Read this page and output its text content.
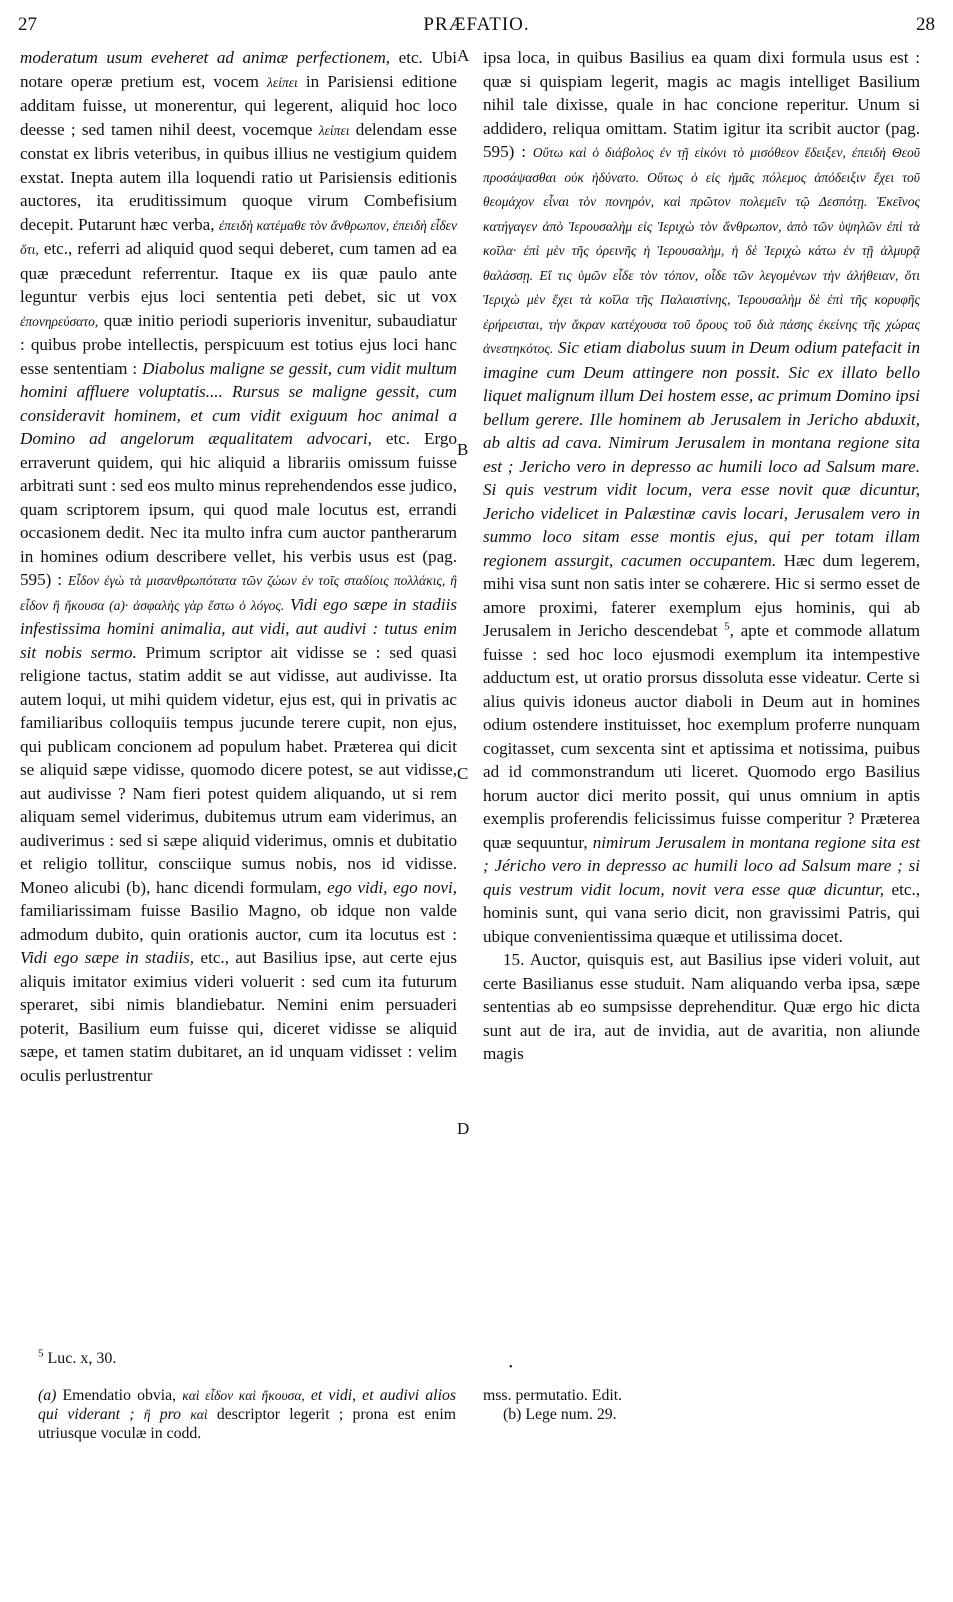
27	PRÆFATIO.	28

moderatum usum eveheret ad animæ perfectionem, etc. Ubi notare operæ pretium est, vocem λείπει in Parisiensi editione additam fuisse, ut monerentur, qui legerent, aliquid hoc loco deesse ; sed tamen nihil deest, vocemque λείπει delendam esse constat ex libris veteribus, in quibus illius ne vestigium quidem exstat. Inepta autem illa loquendi ratio ut Parisiensis editionis auctores, ita eruditissimum quoque virum Combefisium decepit. Putarunt hæc verba, ἐπειδὴ κατέμαθε τὸν ἄνθρωπον, ἐπειδὴ εἶδεν ὅτι, etc., referri ad aliquid quod sequi deberet, cum tamen ad ea quæ præcedunt referrentur. Itaque ex iis quæ paulo ante leguntur verbis ejus loci sententia peti debet, sic ut vox ἐπονηρεύσατο, quæ initio periodi superioris invenitur, subaudiatur : quibus probe intellectis, perspicuum est totius ejus loci hanc esse sententiam : Diabolus maligne se gessit, cum vidit multum homini affluere voluptatis.... Rursus se maligne gessit, cum consideravit hominem, et cum vidit exiguum hoc animal a Domino ad angelorum æqualitatem advocari, etc. Ergo erraverunt quidem, qui hic aliquid a librariis omissum fuisse arbitrati sunt : sed eos multo minus reprehendendos esse judico, quam scriptorem ipsum, qui quod male locutus est, errandi occasionem dedit. Nec ita multo infra cum auctor pantherarum in homines odium describere vellet, his verbis usus est (pag. 595) : Εἶδον ἐγὼ τὰ μισανθρωπότατα τῶν ζώων ἐν τοῖς σταδίοις πολλάκις, ἢ εἶδον ἢ ἤκουσα (a)· ἀσφαλὴς γὰρ ἔστω ὁ λόγος. Vidi ego sæpe in stadiis infestissima homini animalia, aut vidi, aut audivi : tutus enim sit nobis sermo. Primum scriptor ait vidisse se : sed quasi religione tactus, statim addit se aut vidisse, aut audivisse. Ita autem loqui, ut mihi quidem videtur, ejus est, qui in privatis ac familiaribus colloquiis tempus jucunde terere cupit, non ejus, qui publicam concionem ad populum habet. Præterea qui dicit se aliquid sæpe vidisse, quomodo dicere potest, se aut vidisse, aut audivisse ? Nam fieri potest quidem aliquando, ut si rem aliquam semel viderimus, dubitemus utrum eam viderimus, an audiverimus : sed si sæpe aliquid viderimus, omnis et dubitatio et religio tollitur, consciique sumus nobis, nos id vidisse. Moneo alicubi (b), hanc dicendi formulam, ego vidi, ego novi, familiarissimam fuisse Basilio Magno, ob idque non valde admodum dubito, quin orationis auctor, cum ita locutus est : Vidi ego sæpe in stadiis, etc., aut Basilius ipse, aut certe ejus aliquis imitator eximius videri voluerit : sed cum ita futurum speraret, sibi nimis blandiebatur. Nemini enim persuaderi poterit, Basilium eum fuisse qui, diceret vidisse se aliquid sæpe, et tamen statim dubitaret, an id unquam vidisset : velim oculis perlustrentur

A
B
C
D

ipsa loca, in quibus Basilius ea quam dixi formula usus est : quæ si quispiam legerit, magis ac magis intelliget Basilium nihil tale dixisse, quale in hac concione reperitur. Unum si addidero, reliqua omittam. Statim igitur ita scribit auctor (pag. 595) : Οὕτω καὶ ὁ διάβολος ἐν τῇ εἰκόνι τὸ μισόθεον ἔδειξεν, ἐπειδὴ Θεοῦ προσάψασθαι οὐκ ἠδύνατο. Οὕτως ὁ εἰς ἡμᾶς πόλεμος ἀπόδειξιν ἔχει τοῦ θεομάχον εἶναι τὸν πονηρόν, καὶ πρῶτον πολεμεῖν τῷ Δεσπότῃ. Ἐκεῖνος κατήγαγεν ἀπὸ Ἱερουσαλὴμ εἰς Ἱεριχὼ τὸν ἄνθρωπον, ἀπὸ τῶν ὑψηλῶν ἐπὶ τὰ κοῖλα· ἐπὶ μὲν τῆς ὀρεινῆς ἡ Ἱερουσαλὴμ, ἡ δὲ Ἱεριχὼ κάτω ἐν τῇ ἁλμυρᾷ θαλάσσῃ. Εἴ τις ὑμῶν εἶδε τὸν τόπον, οἶδε τῶν λεγομένων τὴν ἀλήθειαν, ὅτι Ἱεριχὼ μὲν ἔχει τὰ κοῖλα τῆς Παλαιστίνης, Ἱερουσαλὴμ δὲ ἐπὶ τῆς κορυφῆς ἐρήρεισται, τὴν ἄκραν κατέχουσα τοῦ ὄρους τοῦ διὰ πάσης ἐκείνης τῆς χώρας ἀνεστηκότος. Sic etiam diabolus suum in Deum odium patefacit in imagine cum Deum attingere non possit. Sic ex illato bello liquet malignum illum Dei hostem esse, ac primum Domino ipsi bellum gerere. Ille hominem ab Jerusalem in Jericho abduxit, ab altis ad cava. Nimirum Jerusalem in montana regione sita est ; Jericho vero in depresso ac humili loco ad Salsum mare. Si quis vestrum vidit locum, vera esse novit quæ dicuntur, Jericho videlicet in Palæstinæ cavis locari, Jerusalem vero in summo loco sitam esse montis ejus, qui per totam illam regionem assurgit, cacumen occupantem. Hæc dum legerem, mihi visa sunt non satis inter se cohærere. Hic si sermo esset de amore proximi, faterer exemplum ejus hominis, qui ab Jerusalem in Jericho descendebat $^5$, apte et commode allatum fuisse : sed hoc loco ejusmodi exemplum ita intempestive adductum est, ut oratio prorsus dissoluta esse videatur. Certe si alius quivis idoneus auctor diaboli in Deum aut in homines odium ostendere instituisset, hoc exemplum proferre nunquam cogitasset, cum sexcenta sint et aptissima et notissima, puibus ad id commonstrandum uti liceret. Quomodo ergo Basilius horum auctor dici merito possit, qui unus omnium in aptis exemplis proferendis felicissimus fuisse comperitur ? Præterea quæ sequuntur, nimirum Jerusalem in montana regione sita est ; Jéricho vero in depresso ac humili loco ad Salsum mare ; si quis vestrum vidit locum, novit vera esse quæ dicuntur, etc., hominis sunt, qui vana serio dicit, non gravissimi Patris, qui ubique convenientissima quæque et utilissima docet.

15. Auctor, quisquis est, aut Basilius ipse videri voluit, aut certe Basilianus esse studuit. Nam aliquando verba ipsa, sæpe sententias ab eo sumpsisse deprehenditur. Quæ ergo hic dicta sunt aut de ira, aut de invidia, aut de avaritia, non aliunde magis

$^5$ Luc. x, 30.
•
(a) Emendatio obvia, καὶ εἶδον καὶ ἤκουσα, et vidi, et audivi alios qui viderant ; ἢ pro καὶ descriptor legerit ; prona est enim utriusque voculæ in codd.
mss. permutatio. Edit.
(b) Lege num. 29.
